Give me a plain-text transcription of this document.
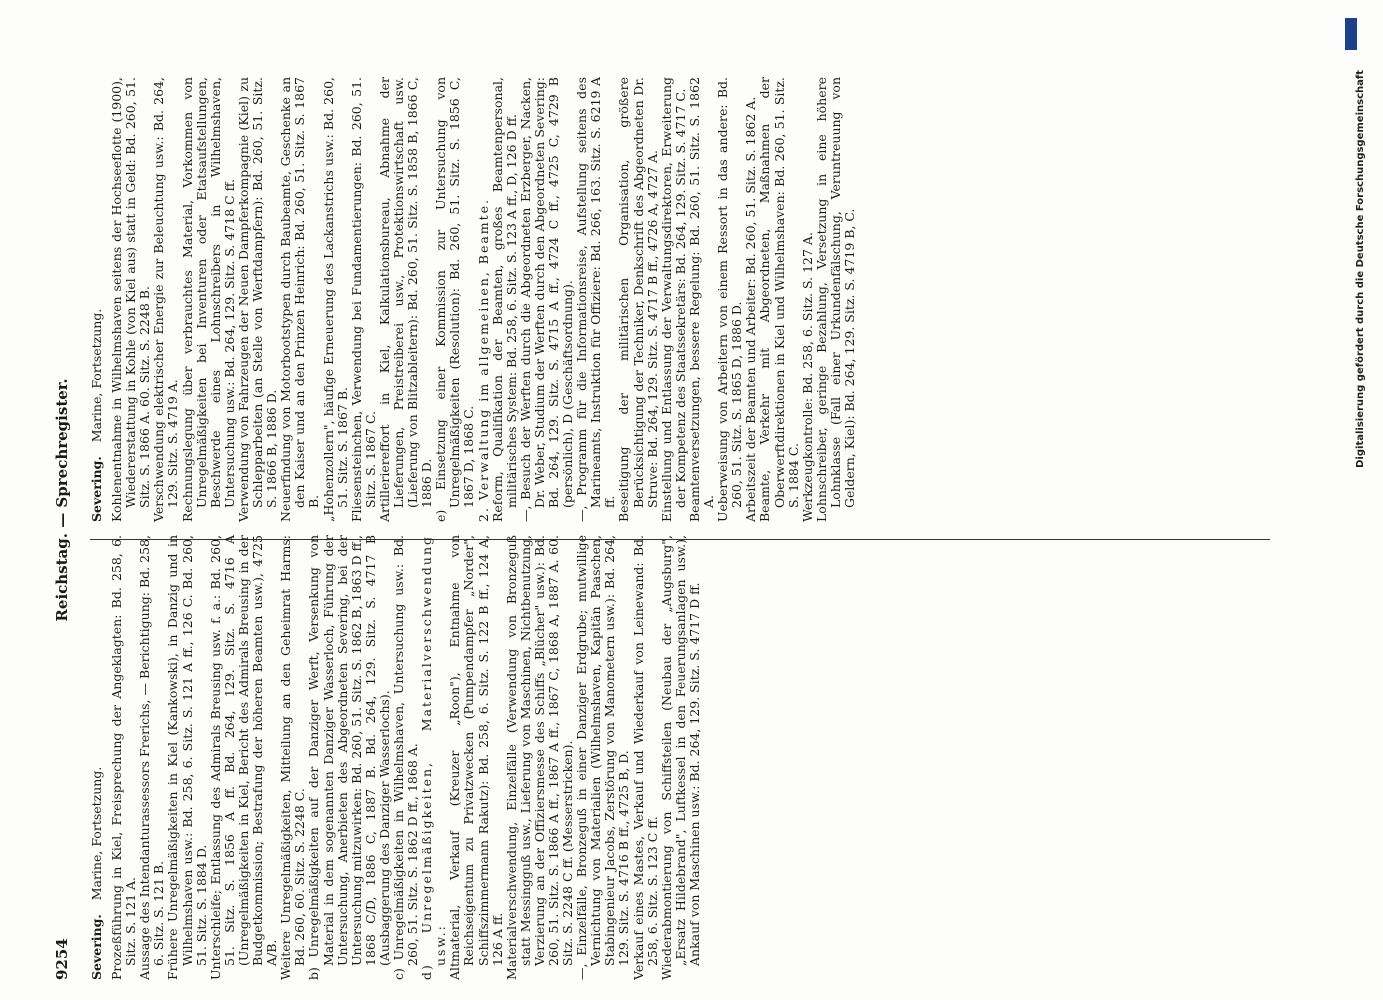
9254
Reichstag. — Sprechregister.
Severing. Marine, Fortsetzung. Prozeßführung in Kiel, Freisprechung der Angeklagten: Bd. 258, 6. Sitz. S. 121 A. Aussage des Intendanturassessors Frerichs, — Berichtigung: Bd. 258, 6. Sitz. S. 121 B. Frühere Unregelmäßigkeiten in Kiel (Kankowski), in Danzig und in Wilhelmshaven usw.: Bd. 258, 6. Sitz. S. 121 A ff., 126 C. Bd. 260, 51. Sitz. S. 1884 D. Unterschleife; Entlassung des Admirals Breusing usw. f. a.: Bd. 260, 51. Sitz. S. 1856 A ff. Bd. 264, 129. Sitz. S. 4716 A (Unregelmäßigkeiten in Kiel, Bericht des Admirals Breusing in der Budgetkommission; Bestrafung der höheren Beamten usw.), 4725 A/B. Weitere Unregelmäßigkeiten, Mitteilung an den Geheimrat Harms: Bd. 260, 60. Sitz. S. 2248 C. b) Unregelmäßigkeiten auf der Danziger Werft, Versenkung von Material in dem sogenannten Danziger Wasserloch, Führung der Untersuchung, Anerbieten des Abgeordneten Severing, bei der Untersuchung mitzuwirken: Bd. 260, 51. Sitz. S. 1862 B, 1863 D ff., 1868 C/D, 1886 C, 1887 B. Bd. 264, 129. Sitz. S. 4717 B (Ausbaggerung des Danziger Wasserlochs). c) Unregelmäßigkeiten in Wilhelmshaven, Untersuchung usw.: Bd. 260, 51. Sitz. S. 1862 D ff., 1868 A. d) Unregelmäßigkeiten, Materialverschwendung usw.: Altmaterial, Verkauf (Kreuzer „Roon"), Entnahme von Reichseigentum zu Privatzwecken (Pumpendampfer „Norder", Schiffszimmermann Rakutz): Bd. 258, 6. Sitz. S. 122 B ff., 124 A, 126 A ff. Materialverschwendung, Einzelfälle (Verwendung von Bronzeguß statt Messingguß usw., Lieferung von Maschinen, Nichtbenutzung, Verzierung an der Offiziersmesse des Schiffs „Blücher" usw.): Bd. 260, 51. Sitz. S. 1866 A ff., 1867 A ff., 1867 C, 1868 A, 1887 A. 60. Sitz. S. 2248 C ff. (Messerstricken). —, Einzelfälle, Bronzeguß in einer Danziger Erdgrube; mutwillige Vernichtung von Materialien (Wilhelmshaven, Kapitän Paaschen, Stabingenieur Jacobs, Zerstörung von Manometern usw.): Bd. 264, 129. Sitz. S. 4716 B ff., 4725 B, D. Verkauf eines Mastes, Verkauf und Wiederkauf von Leinewand: Bd. 258, 6. Sitz. S. 123 C ff. Wiederabmontierung von Schiffsteilen (Neubau der „Augsburg", „Ersatz Hildebrand", Luftkessel in den Feuerungsanlagen usw.), Ankauf von Maschinen usw.: Bd. 264, 129. Sitz. S. 4717 D ff.

Severing. Marine, Fortsetzung. Kohlenentnahme in Wilhelmshaven seitens der Hochseeflotte (1900), Wiedererstattung in Kohle (von Kiel aus) statt in Geld: Bd. 260, 51. Sitz. S. 1866 A. 60. Sitz. S. 2248 B. Verschwendung elektrischer Energie zur Beleuchtung usw.: Bd. 264, 129. Sitz. S. 4719 A. Rechnungslegung über verbrauchtes Material, Vorkommen von Unregelmäßigkeiten bei Inventuren oder Etatsaufstellungen, Beschwerde eines Lohnschreibers in Wilhelmshaven, Untersuchung usw.: Bd. 264, 129. Sitz. S. 4718 C ff. Verwendung von Fahrzeugen der Neuen Dampferkompagnie (Kiel) zu Schlepparbeiten (an Stelle von Werftdampfern): Bd. 260, 51. Sitz. S. 1866 B, 1886 D. Neuerfindung von Motorbootstypen durch Baubeamte, Geschenke an den Kaiser und an den Prinzen Heinrich: Bd. 260, 51. Sitz. S. 1867 B. „Hohenzollern", häufige Erneuerung des Lackanstrichs usw.: Bd. 260, 51. Sitz. S. 1867 B. Fliesensteinchen, Verwendung bei Fundamentierungen: Bd. 260, 51. Sitz. S. 1867 C. Artilleriereffort in Kiel, Kalkulationsbureau, Abnahme der Lieferungen, Preistreiberei usw., Protektionswirtschaft usw. (Lieferung von Blitzableitern): Bd. 260, 51. Sitz. S. 1858 B, 1866 C, 1886 D. e) Einsetzung einer Kommission zur Untersuchung von Unregelmäßigkeiten (Resolution): Bd. 260, 51. Sitz. S. 1856 C, 1867 D, 1868 C. 2. Verwaltung im allgemeinen, Beamte. Reform, Qualifikation der Beamten, großes Beamtenpersonal, militärisches System: Bd. 258, 6. Sitz. S. 123 A ff., D, 126 D ff. —, Besuch der Werften durch die Abgeordneten Erzberger, Nacken, Dr. Weber, Studium der Werften durch den Abgeordneten Severing: Bd. 264, 129. Sitz. S. 4715 A ff., 4724 C ff., 4725 C, 4729 B (persönlich), D (Geschäftsordnung). —, Programm für die Informationsreise, Aufstellung seitens des Marineamts, Instruktion für Offiziere: Bd. 266, 163. Sitz. S. 6219 A ff. Beseitigung der militärischen Organisation, größere Berücksichtigung der Techniker, Denkschrift des Abgeordneten Dr. Struve: Bd. 264, 129. Sitz. S. 4717 B ff., 4726 A, 4727 A. Einstellung und Entlassung der Verwaltungsdirektoren, Erweiterung der Kompetenz des Staatssekretärs: Bd. 264, 129. Sitz. S. 4717 C. Beamtenversetzungen, bessere Regelung: Bd. 260, 51. Sitz. S. 1862 A. Ueberweisung von Arbeitern von einem Ressort in das andere: Bd. 260, 51. Sitz. S. 1865 D, 1886 D. Arbeitszeit der Beamten und Arbeiter: Bd. 260, 51. Sitz. S. 1862 A. Beamte, Verkehr mit Abgeordneten, Maßnahmen der Oberwerftdirektionen in Kiel und Wilhelmshaven: Bd. 260, 51. Sitz. S. 1884 C. Werkzeugkontrolle: Bd. 258, 6. Sitz. S. 127 A. Lohnschreiber, geringe Bezahlung, Versetzung in eine höhere Lohnklasse (Fall einer Urkundenfälschung, Veruntreuung von Geldern, Kiel): Bd. 264, 129. Sitz. S. 4719 B, C.	Digitalisierung gefördert durch die Deutsche Forschungsgemeinschaft
